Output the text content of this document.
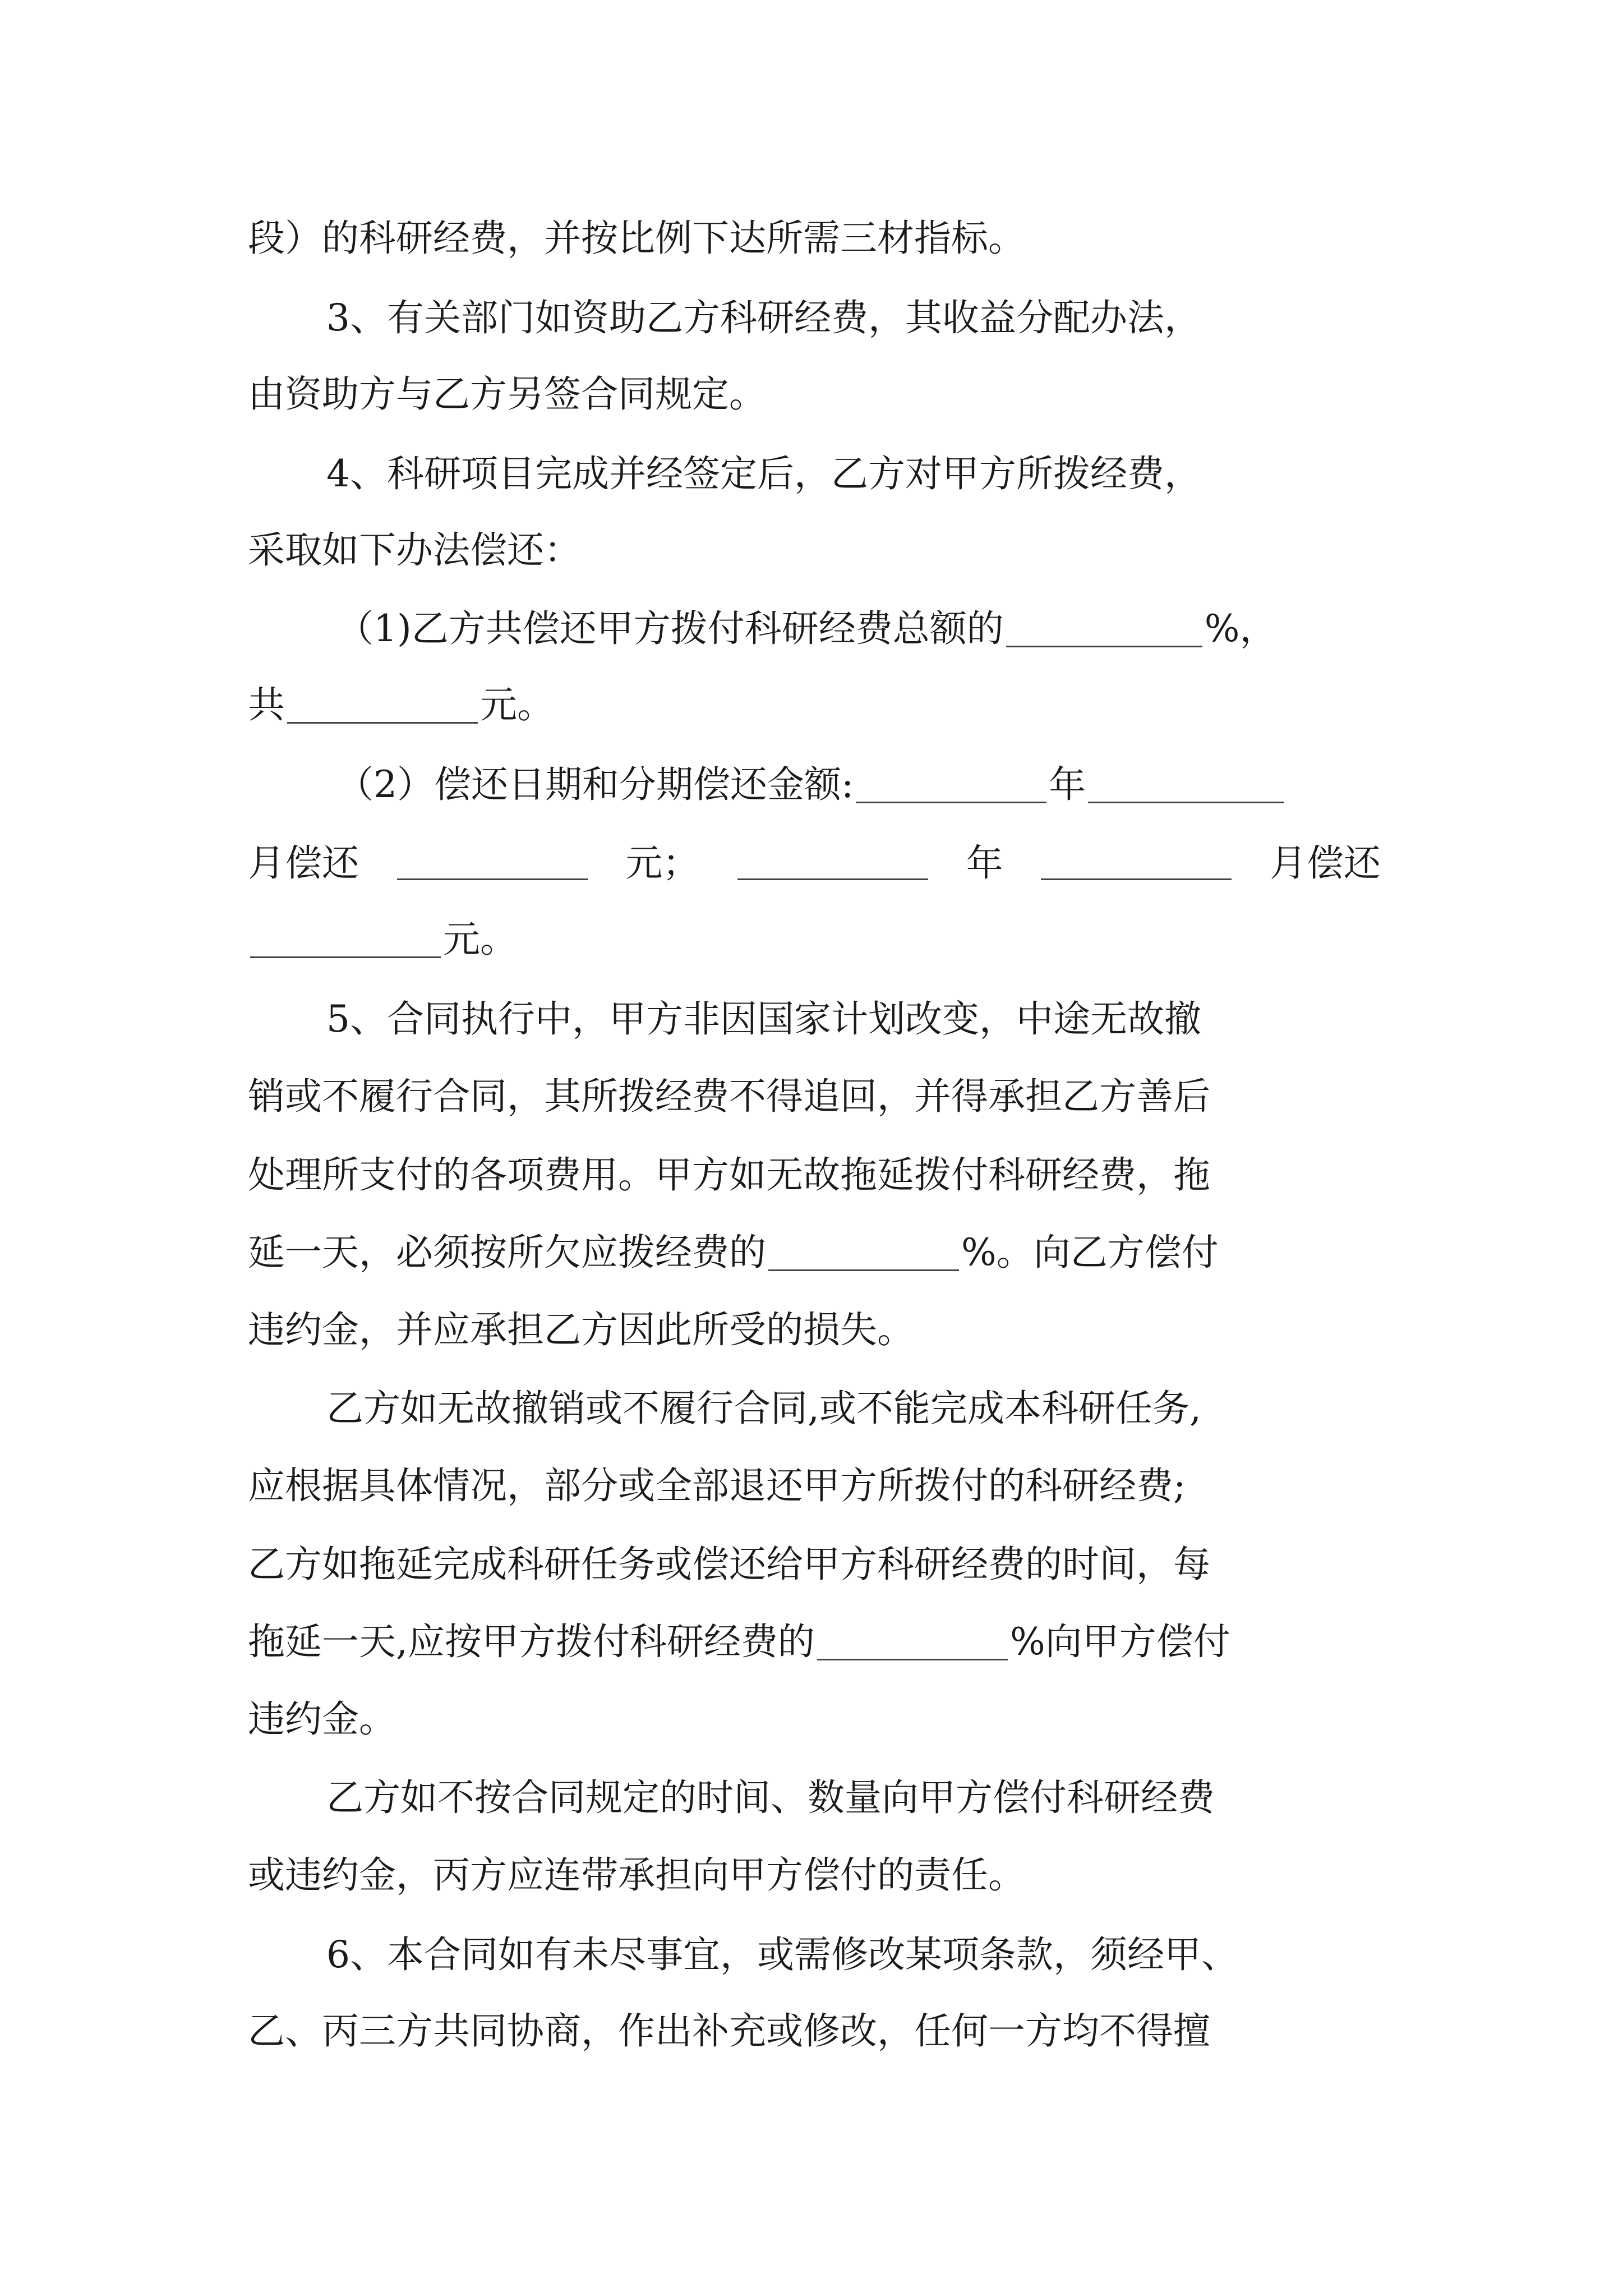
段）的科研经费，并按比例下达所需三材指标。
3、有关部门如资助乙方科研经费，其收益分配办法，
由资助方与乙方另签合同规定。
4、科研项目完成并经签定后，乙方对甲方所拨经费，
采取如下办法偿还：
（1)乙方共偿还甲方拨付科研经费总额的	%，
共	元。
（2）偿还日期和分期偿还金额:	年
月偿还	元；	年	月偿还
元。
5、合同执行中，甲方非因国家计划改变，中途无故撤
销或不履行合同，其所拨经费不得追回，并得承担乙方善后
处理所支付的各项费用。甲方如无故拖延拨付科研经费，拖
延一天，必须按所欠应拨经费的	%。向乙方偿付
违约金，并应承担乙方因此所受的损失。
乙方如无故撤销或不履行合同,或不能完成本科研任务,
应根据具体情况，部分或全部退还甲方所拨付的科研经费;
乙方如拖延完成科研任务或偿还给甲方科研经费的时间，每
拖延一天,应按甲方拨付科研经费的	%向甲方偿付
违约金。
乙方如不按合同规定的时间、数量向甲方偿付科研经费
或违约金，丙方应连带承担向甲方偿付的责任。
6、本合同如有未尽事宜，或需修改某项条款，须经甲、
乙、丙三方共同协商，作出补充或修改，任何一方均不得擅
